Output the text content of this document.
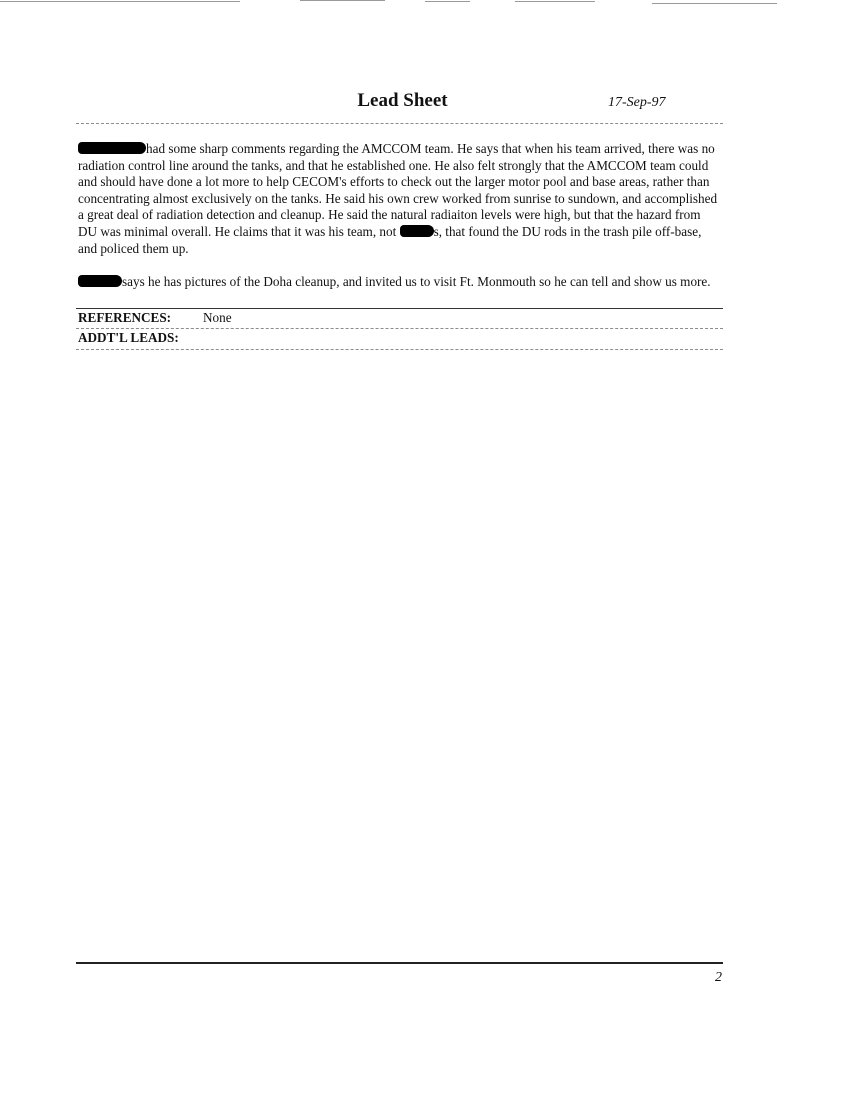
Lead Sheet	17-Sep-97

had some sharp comments regarding the AMCCOM team. He says that when his team arrived, there was no radiation control line around the tanks, and that he established one. He also felt strongly that the AMCCOM team could and should have done a lot more to help CECOM's efforts to check out the larger motor pool and base areas, rather than concentrating almost exclusively on the tanks. He said his own crew worked from sunrise to sundown, and accomplished a great deal of radiation detection and cleanup. He said the natural radiaiton levels were high, but that the hazard from DU was minimal overall. He claims that it was his team, not	s, that found the DU rods in the trash pile off-base, and policed them up.

says he has pictures of the Doha cleanup, and invited us to visit Ft. Monmouth so he can tell and show us more.

REFERENCES: None
ADDT'L LEADS:
2
